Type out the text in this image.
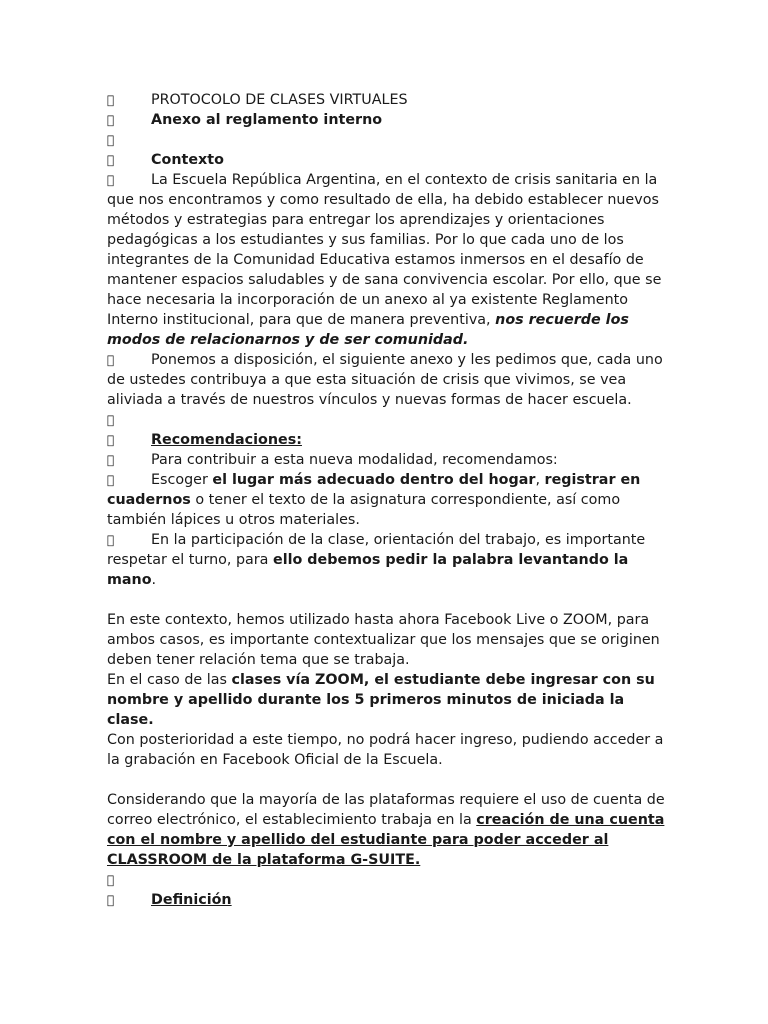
PROTOCOLO DE CLASES VIRTUALES
Anexo al reglamento interno
Contexto
La Escuela República Argentina, en el contexto de crisis sanitaria en la que nos encontramos y como resultado de ella, ha debido establecer nuevos métodos y estrategias para entregar los aprendizajes y orientaciones pedagógicas a los estudiantes y sus familias. Por lo que cada uno de los integrantes de la Comunidad Educativa estamos inmersos en el desafío de mantener espacios saludables y de sana convivencia escolar. Por ello, que se hace necesaria la incorporación de un anexo al ya existente Reglamento Interno institucional, para que de manera preventiva, nos recuerde los modos de relacionarnos y de ser comunidad.
Ponemos a disposición, el siguiente anexo y les pedimos que, cada uno de ustedes contribuya a que esta situación de crisis que vivimos, se vea aliviada a través de nuestros vínculos y nuevas formas de hacer escuela.
Recomendaciones:
Para contribuir a esta nueva modalidad, recomendamos:
Escoger el lugar más adecuado dentro del hogar, registrar en cuadernos o tener el texto de la asignatura correspondiente, así como también lápices u otros materiales.
En la participación de la clase, orientación del trabajo, es importante respetar el turno, para ello debemos pedir la palabra levantando la mano.
En este contexto, hemos utilizado hasta ahora Facebook Live o ZOOM, para ambos casos, es importante contextualizar que los mensajes que se originen deben tener relación tema que se trabaja.
En el caso de las clases vía ZOOM, el estudiante debe ingresar con su nombre y apellido durante los 5 primeros minutos de iniciada la clase.
Con posterioridad a este tiempo, no podrá hacer ingreso, pudiendo acceder a la grabación en Facebook Oficial de la Escuela.
Considerando que la mayoría de las plataformas requiere el uso de cuenta de correo electrónico, el establecimiento trabaja en la creación de una cuenta con el nombre y apellido del estudiante para poder acceder al CLASSROOM de la plataforma G-SUITE.
Definición
